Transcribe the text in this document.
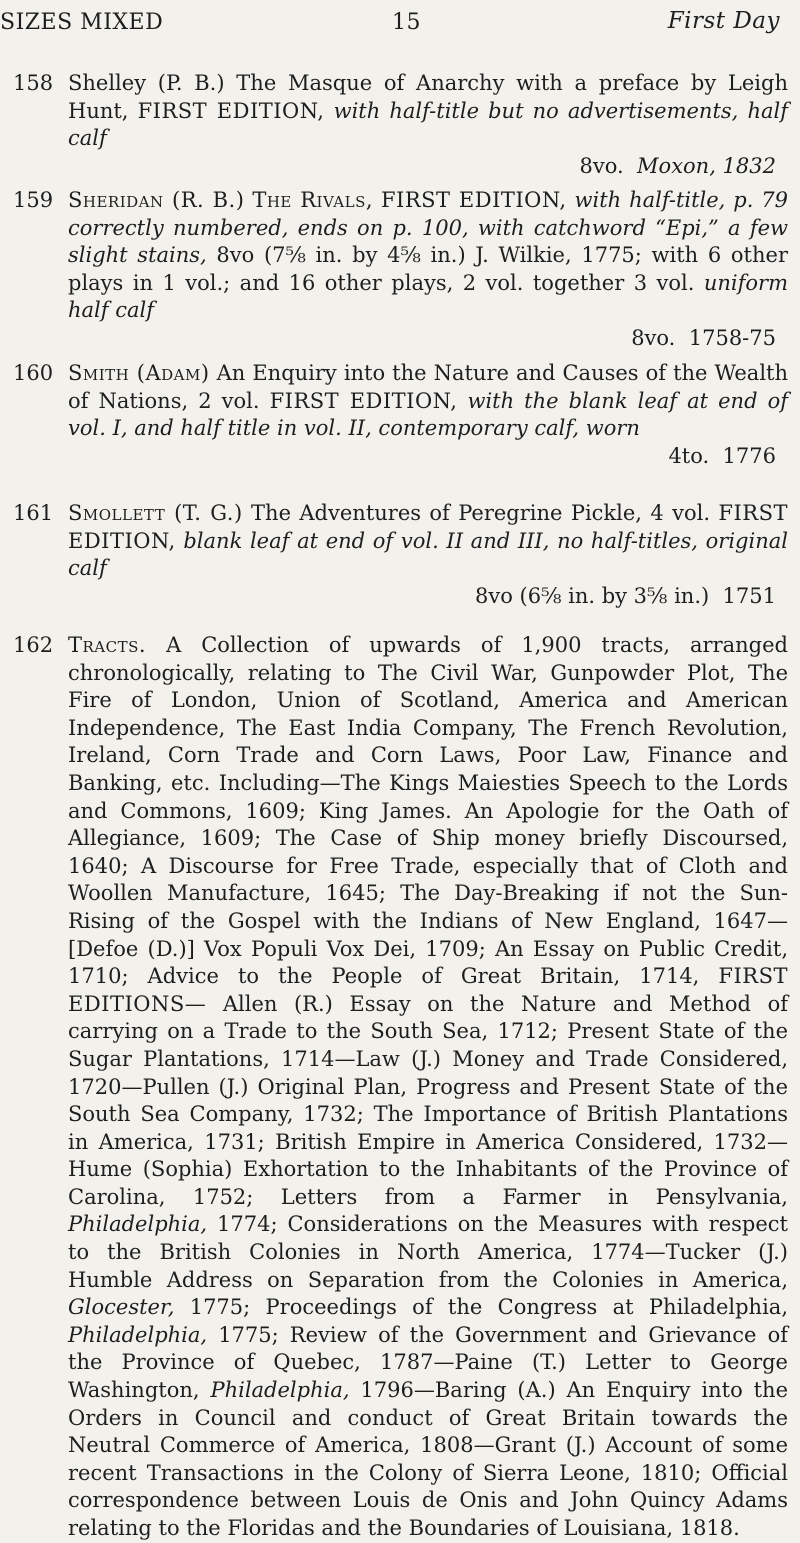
SIZES MIXED	15	First Day
158 Shelley (P. B.) The Masque of Anarchy with a preface by Leigh Hunt, FIRST EDITION, with half-title but no advertisements, half calf
8vo. Moxon, 1832
159 Sheridan (R. B.) The Rivals, FIRST EDITION, with half-title, p. 79 correctly numbered, ends on p. 100, with catchword “Epi,” a few slight stains, 8vo (7⅝ in. by 4⅝ in.) J. Wilkie, 1775; with 6 other plays in 1 vol.; and 16 other plays, 2 vol. together 3 vol. uniform half calf
8vo. 1758-75
160 Smith (Adam) An Enquiry into the Nature and Causes of the Wealth of Nations, 2 vol. FIRST EDITION, with the blank leaf at end of vol. I, and half title in vol. II, contemporary calf, worn
4to. 1776
161 Smollett (T. G.) The Adventures of Peregrine Pickle, 4 vol. FIRST EDITION, blank leaf at end of vol. II and III, no half-titles, original calf
8vo (6⅝ in. by 3⅝ in.) 1751
162 Tracts. A Collection of upwards of 1,900 tracts, arranged chronologically, relating to The Civil War, Gunpowder Plot, The Fire of London, Union of Scotland, America and American Independence, The East India Company, The French Revolution, Ireland, Corn Trade and Corn Laws, Poor Law, Finance and Banking, etc. Including—The Kings Maiesties Speech to the Lords and Commons, 1609; King James. An Apologie for the Oath of Allegiance, 1609; The Case of Ship money briefly Discoursed, 1640; A Discourse for Free Trade, especially that of Cloth and Woollen Manufacture, 1645; The Day-Breaking if not the Sun-Rising of the Gospel with the Indians of New England, 1647—[Defoe (D.)] Vox Populi Vox Dei, 1709; An Essay on Public Credit, 1710; Advice to the People of Great Britain, 1714, FIRST EDITIONS— Allen (R.) Essay on the Nature and Method of carrying on a Trade to the South Sea, 1712; Present State of the Sugar Plantations, 1714—Law (J.) Money and Trade Considered, 1720—Pullen (J.) Original Plan, Progress and Present State of the South Sea Company, 1732; The Importance of British Plantations in America, 1731; British Empire in America Considered, 1732—Hume (Sophia) Exhortation to the Inhabitants of the Province of Carolina, 1752; Letters from a Farmer in Pensylvania, Philadelphia, 1774; Considerations on the Measures with respect to the British Colonies in North America, 1774—Tucker (J.) Humble Address on Separation from the Colonies in America, Glocester, 1775; Proceedings of the Congress at Philadelphia, Philadelphia, 1775; Review of the Government and Grievance of the Province of Quebec, 1787—Paine (T.) Letter to George Washington, Philadelphia, 1796—Baring (A.) An Enquiry into the Orders in Council and conduct of Great Britain towards the Neutral Commerce of America, 1808—Grant (J.) Account of some recent Transactions in the Colony of Sierra Leone, 1810; Official correspondence between Louis de Onis and John Quincy Adams relating to the Floridas and the Boundaries of Louisiana, 1818.
